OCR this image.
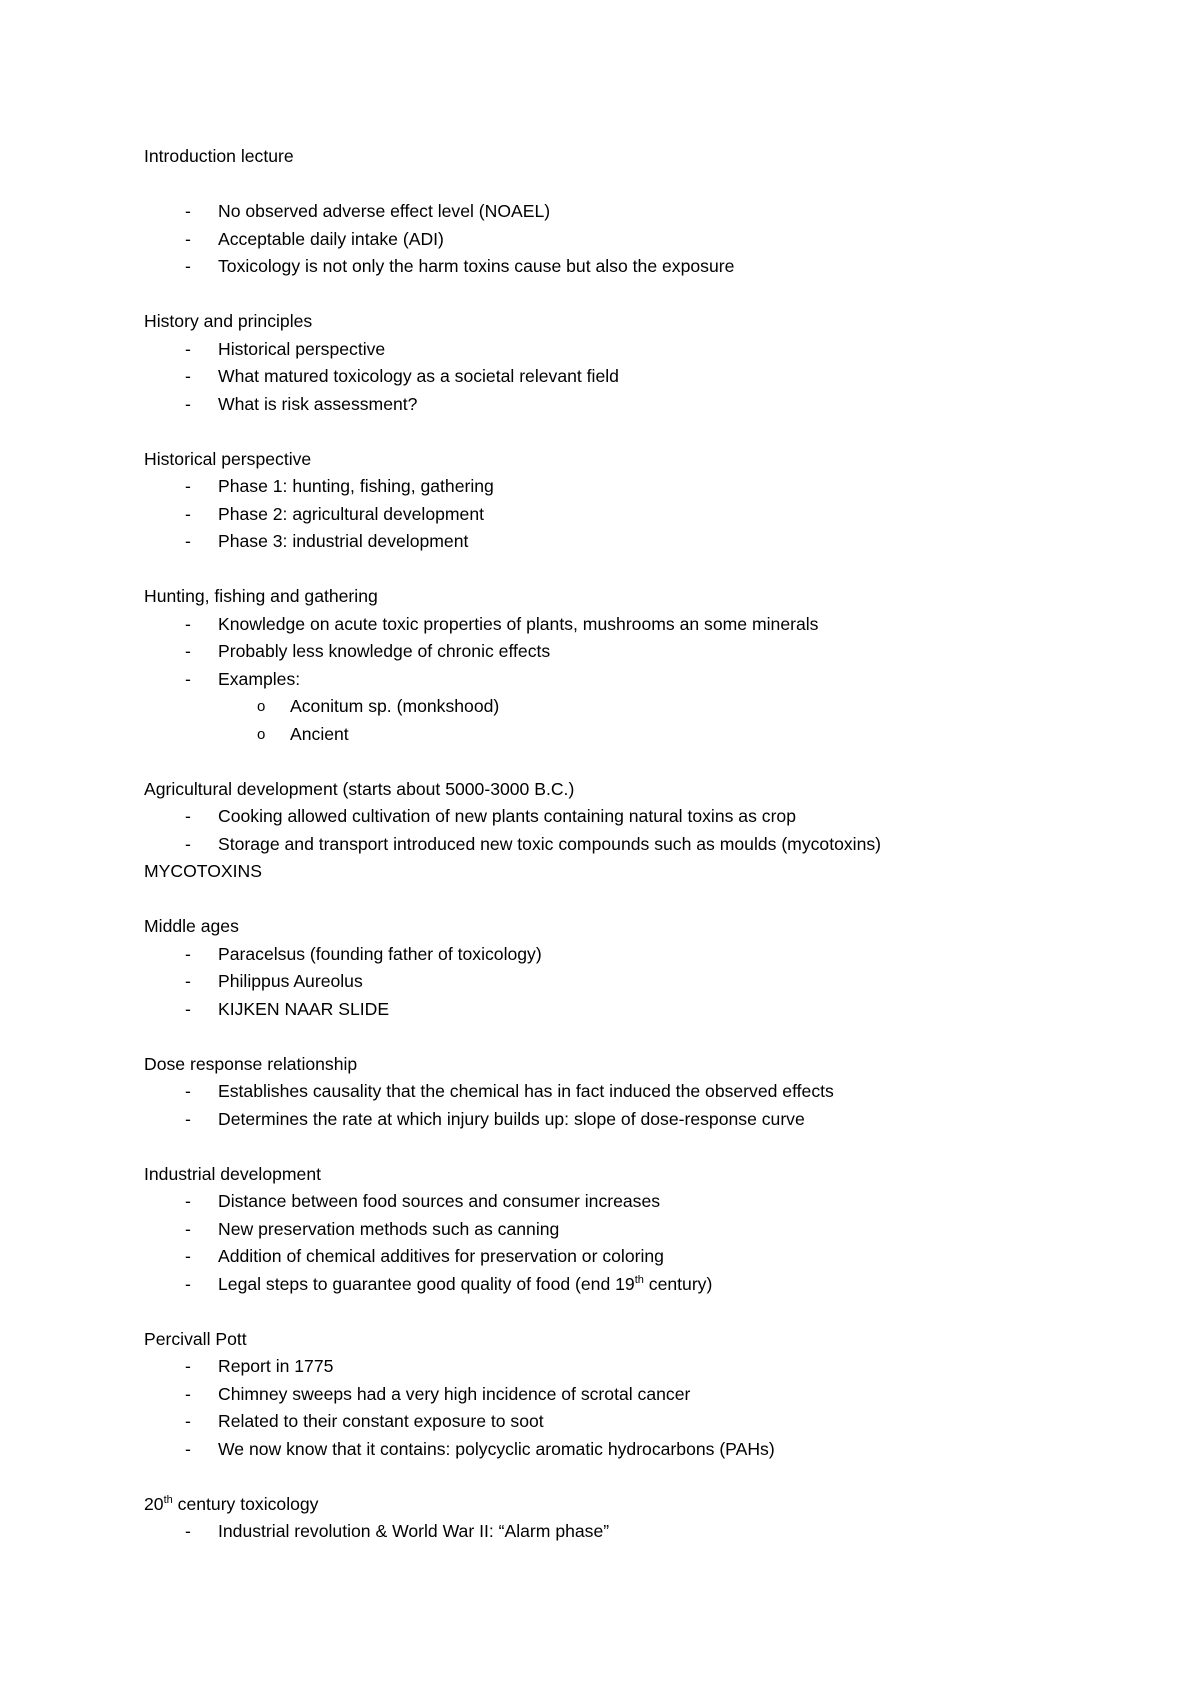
Introduction lecture
- No observed adverse effect level (NOAEL)
- Acceptable daily intake (ADI)
- Toxicology is not only the harm toxins cause but also the exposure
History and principles
- Historical perspective
- What matured toxicology as a societal relevant field
- What is risk assessment?
Historical perspective
- Phase 1: hunting, fishing, gathering
- Phase 2: agricultural development
- Phase 3: industrial development
Hunting, fishing and gathering
- Knowledge on acute toxic properties of plants, mushrooms an some minerals
- Probably less knowledge of chronic effects
- Examples:
o Aconitum sp. (monkshood)
o Ancient
Agricultural development (starts about 5000-3000 B.C.)
- Cooking allowed cultivation of new plants containing natural toxins as crop
- Storage and transport introduced new toxic compounds such as moulds (mycotoxins)
MYCOTOXINS
Middle ages
- Paracelsus (founding father of toxicology)
- Philippus Aureolus
- KIJKEN NAAR SLIDE
Dose response relationship
- Establishes causality that the chemical has in fact induced the observed effects
- Determines the rate at which injury builds up: slope of dose-response curve
Industrial development
- Distance between food sources and consumer increases
- New preservation methods such as canning
- Addition of chemical additives for preservation or coloring
- Legal steps to guarantee good quality of food (end 19th century)
Percivall Pott
- Report in 1775
- Chimney sweeps had a very high incidence of scrotal cancer
- Related to their constant exposure to soot
- We now know that it contains: polycyclic aromatic hydrocarbons (PAHs)
20th century toxicology
- Industrial revolution & World War II: “Alarm phase”
